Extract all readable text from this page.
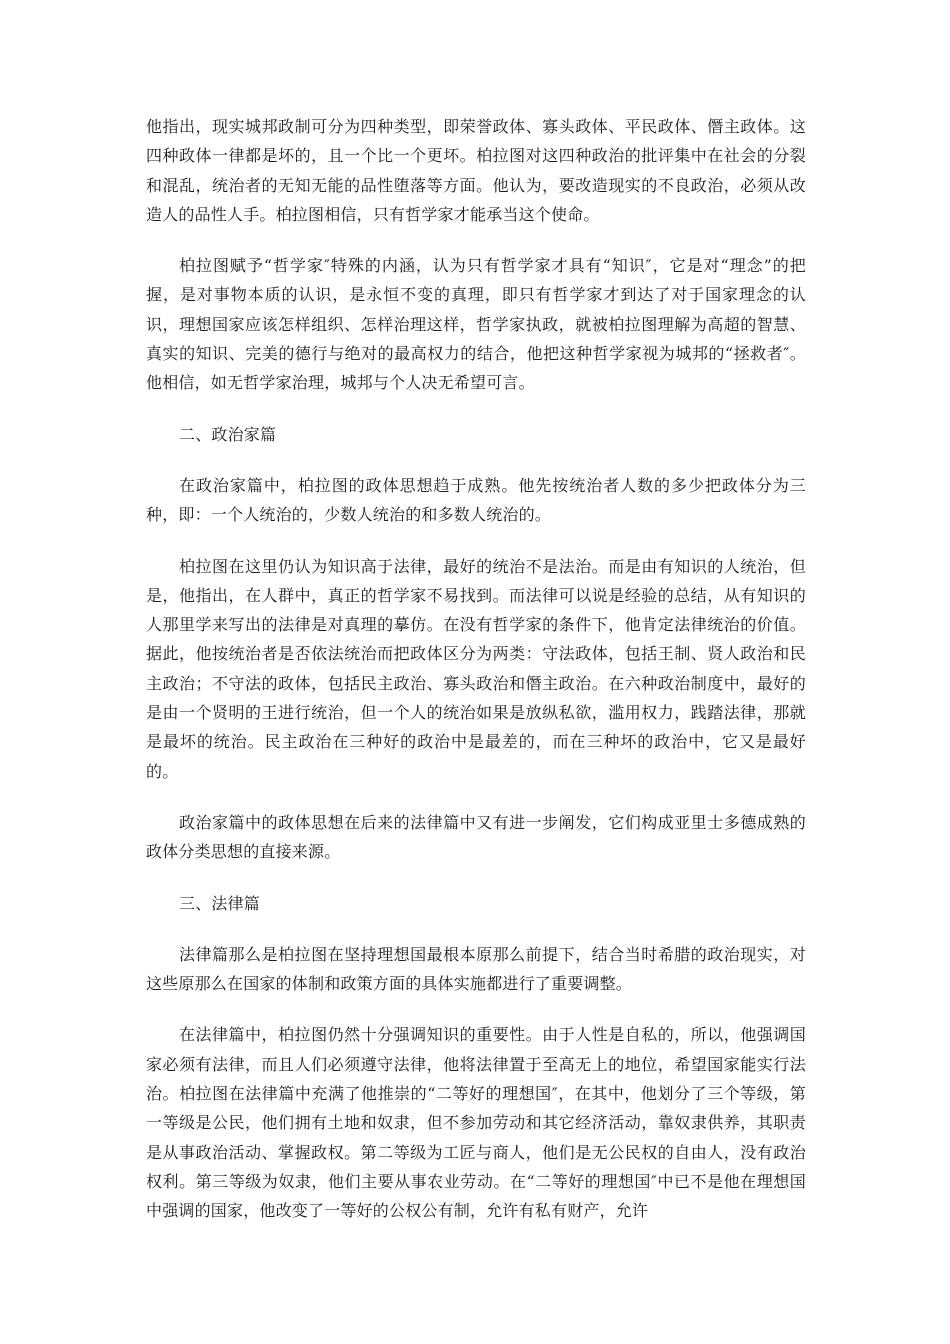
他指出，现实城邦政制可分为四种类型，即荣誉政体、寡头政体、平民政体、僭主政体。这四种政体一律都是坏的，且一个比一个更坏。柏拉图对这四种政治的批评集中在社会的分裂和混乱，统治者的无知无能的品性堕落等方面。他认为，要改造现实的不良政治，必须从改造人的品性人手。柏拉图相信，只有哲学家才能承当这个使命。

柏拉图赋予“哲学家″特殊的内涵，认为只有哲学家才具有“知识″，它是对“理念”的把握，是对事物本质的认识，是永恒不变的真理，即只有哲学家才到达了对于国家理念的认识，理想国家应该怎样组织、怎样治理这样，哲学家执政，就被柏拉图理解为高超的智慧、真实的知识、完美的德行与绝对的最高权力的结合，他把这种哲学家视为城邦的“拯救者″。他相信，如无哲学家治理，城邦与个人决无希望可言。

二、政治家篇

在政治家篇中，柏拉图的政体思想趋于成熟。他先按统治者人数的多少把政体分为三种，即：一个人统治的，少数人统治的和多数人统治的。

柏拉图在这里仍认为知识高于法律，最好的统治不是法治。而是由有知识的人统治，但是，他指出，在人群中，真正的哲学家不易找到。而法律可以说是经验的总结，从有知识的人那里学来写出的法律是对真理的摹仿。在没有哲学家的条件下，他肯定法律统治的价值。据此，他按统治者是否依法统治而把政体区分为两类：守法政体，包括王制、贤人政治和民主政治；不守法的政体，包括民主政治、寡头政治和僭主政治。在六种政治制度中，最好的是由一个贤明的王进行统治，但一个人的统治如果是放纵私欲，滥用权力，践踏法律，那就是最坏的统治。民主政治在三种好的政治中是最差的，而在三种坏的政治中，它又是最好的。

政治家篇中的政体思想在后来的法律篇中又有进一步阐发，它们构成亚里士多德成熟的政体分类思想的直接来源。

三、法律篇

法律篇那么是柏拉图在坚持理想国最根本原那么前提下，结合当时希腊的政治现实，对这些原那么在国家的体制和政策方面的具体实施都进行了重要调整。

在法律篇中，柏拉图仍然十分强调知识的重要性。由于人性是自私的，所以，他强调国家必须有法律，而且人们必须遵守法律，他将法律置于至高无上的地位，希望国家能实行法治。柏拉图在法律篇中充满了他推崇的“二等好的理想国″，在其中，他划分了三个等级，第一等级是公民，他们拥有土地和奴隶，但不参加劳动和其它经济活动，靠奴隶供养，其职责是从事政治活动、掌握政权。第二等级为工匠与商人，他们是无公民权的自由人，没有政治权利。第三等级为奴隶，他们主要从事农业劳动。在“二等好的理想国″中已不是他在理想国中强调的国家，他改变了一等好的公权公有制，允许有私有财产，允许
